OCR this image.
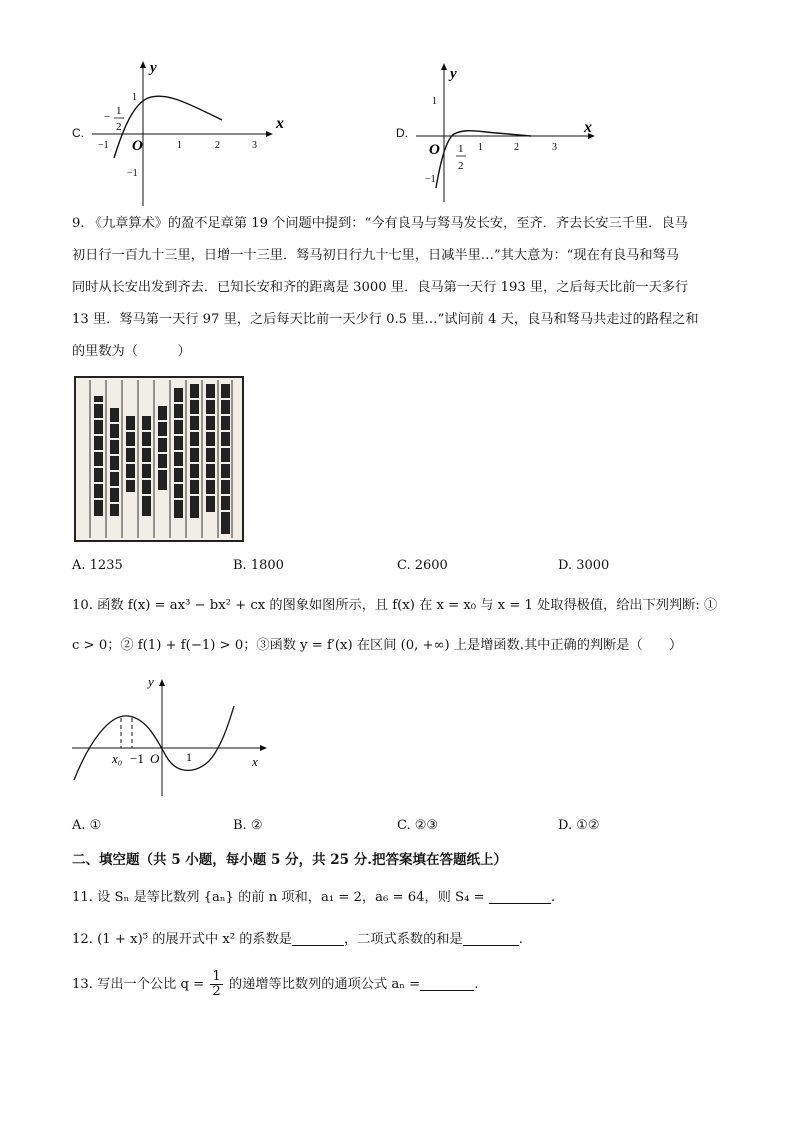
x
y
O
−1	1	2	3
1
−1
− 1
2
C.	x
y
O	1	2	3
1
−1
1
2
D.
9. 《九章算术》的盈不足章第 19 个问题中提到：“今有良马与驽马发长安，至齐．齐去长安三千里．良马
初日行一百九十三里，日增一十三里．驽马初日行九十七里，日减半里…”其大意为：“现在有良马和驽马
同时从长安出发到齐去．已知长安和齐的距离是 3000 里．良马第一天行 193 里，之后每天比前一天多行
13 里．驽马第一天行 97 里，之后每天比前一天少行 0.5 里…”试问前 4 天，良马和驽马共走过的路程之和
的里数为（　　　）
A. 1235	B. 1800	C. 2600	D. 3000
10. 函数 f(x) = ax³ − bx² + cx 的图象如图所示，且 f(x) 在 x = x₀ 与 x = 1 处取得极值，给出下列判断: ①
c > 0；② f(1) + f(−1) > 0；③函数 y = f′(x) 在区间 (0, +∞) 上是增函数.其中正确的判断是（　　）
y
x
x₀ −1 O 1
A. ①	B. ②	C. ②③	D. ①②
二、填空题（共 5 小题，每小题 5 分，共 25 分.把答案填在答题纸上）
11. 设 Sₙ 是等比数列 {aₙ} 的前 n 项和，a₁ = 2，a₆ = 64，则 S₄ =	.
12. (1 + x)⁵ 的展开式中 x² 的系数是	，二项式系数的和是	.
13. 写出一个公比 $q = \frac{1}{2}$ 的递增等比数列的通项公式 aₙ =	.
